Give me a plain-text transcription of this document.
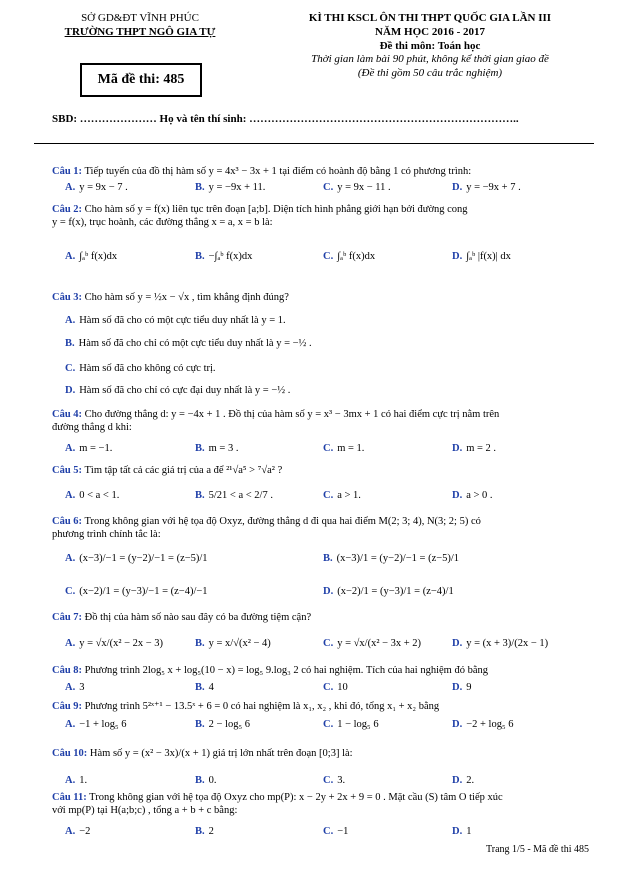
SỞ GD&ĐT VĨNH PHÚC
TRƯỜNG THPT NGÔ GIA TỰ
KÌ THI KSCL ÔN THI THPT QUỐC GIA LẦN III
NĂM HỌC 2016 - 2017
Đề thi môn: Toán học
Thời gian làm bài 90 phút, không kể thời gian giao đề
(Đề thi gồm 50 câu trắc nghiệm)
Mã đề thi: 485
SBD: ………………… Họ và tên thí sinh: ………………………………………………………………..
Câu 1: Tiếp tuyến của đồ thị hàm số y = 4x³ − 3x + 1 tại điểm có hoành độ bằng 1 có phương trình:
A. y = 9x − 7 .	B. y = −9x + 11.	C. y = 9x − 11 .	D. y = −9x + 7 .
Câu 2: Cho hàm số y = f(x) liên tục trên đoạn [a;b]. Diện tích hình phẳng giới hạn bởi đường cong
y = f(x), trục hoành, các đường thẳng x = a, x = b là:
A. ∫ₐᵇ f(x)dx	B. −∫ₐᵇ f(x)dx	C. ∫ₐᵇ f(x)dx	D. ∫ₐᵇ |f(x)| dx
Câu 3: Cho hàm số y = ½x − √x , tìm khẳng định đúng?
A. Hàm số đã cho có một cực tiểu duy nhất là y = 1.
B. Hàm số đã cho chỉ có một cực tiểu duy nhất là y = −½ .
C. Hàm số đã cho không có cực trị.
D. Hàm số đã cho chỉ có cực đại duy nhất là y = −½ .
Câu 4: Cho đường thẳng d: y = −4x + 1 . Đồ thị của hàm số y = x³ − 3mx + 1 có hai điểm cực trị nằm trên
đường thẳng d khi:
A. m = −1.	B. m = 3 .	C. m = 1.	D. m = 2 .
Câu 5: Tìm tập tất cả các giá trị của a để ²¹√a⁵ > ⁷√a² ?
A. 0 < a < 1.	B. 5/21 < a < 2/7 .	C. a > 1.	D. a > 0 .
Câu 6: Trong không gian với hệ tọa độ Oxyz, đường thẳng d đi qua hai điểm M(2; 3; 4), N(3; 2; 5) có
phương trình chính tắc là:
A. (x−3)/−1 = (y−2)/−1 = (z−5)/1	B. (x−3)/1 = (y−2)/−1 = (z−5)/1
C. (x−2)/1 = (y−3)/−1 = (z−4)/−1	D. (x−2)/1 = (y−3)/1 = (z−4)/1
Câu 7: Đồ thị của hàm số nào sau đây có ba đường tiệm cận?
A. y = √x/(x² − 2x − 3)	B. y = x/√(x² − 4)	C. y = √x/(x² − 3x + 2)	D. y = (x + 3)/(2x − 1)
Câu 8: Phương trình 2log₅ x + log₅(10 − x) = log₅ 9.log₃ 2 có hai nghiệm. Tích của hai nghiệm đó bằng
A. 3	B. 4	C. 10	D. 9
Câu 9: Phương trình 5²ˣ⁺¹ − 13.5ˣ + 6 = 0 có hai nghiệm là x₁, x₂ , khi đó, tổng x₁ + x₂ bằng
A. −1 + log₅ 6	B. 2 − log₅ 6	C. 1 − log₅ 6	D. −2 + log₅ 6
Câu 10: Hàm số y = (x² − 3x)/(x + 1) giá trị lớn nhất trên đoạn [0;3] là:
A. 1.	B. 0.	C. 3.	D. 2.
Câu 11: Trong không gian với hệ tọa độ Oxyz cho mp(P): x − 2y + 2x + 9 = 0 . Mặt cầu (S) tâm O tiếp xúc
với mp(P) tại H(a;b;c) , tổng a + b + c bằng:
A. −2	B. 2	C. −1	D. 1
Trang 1/5 - Mã đề thi 485
